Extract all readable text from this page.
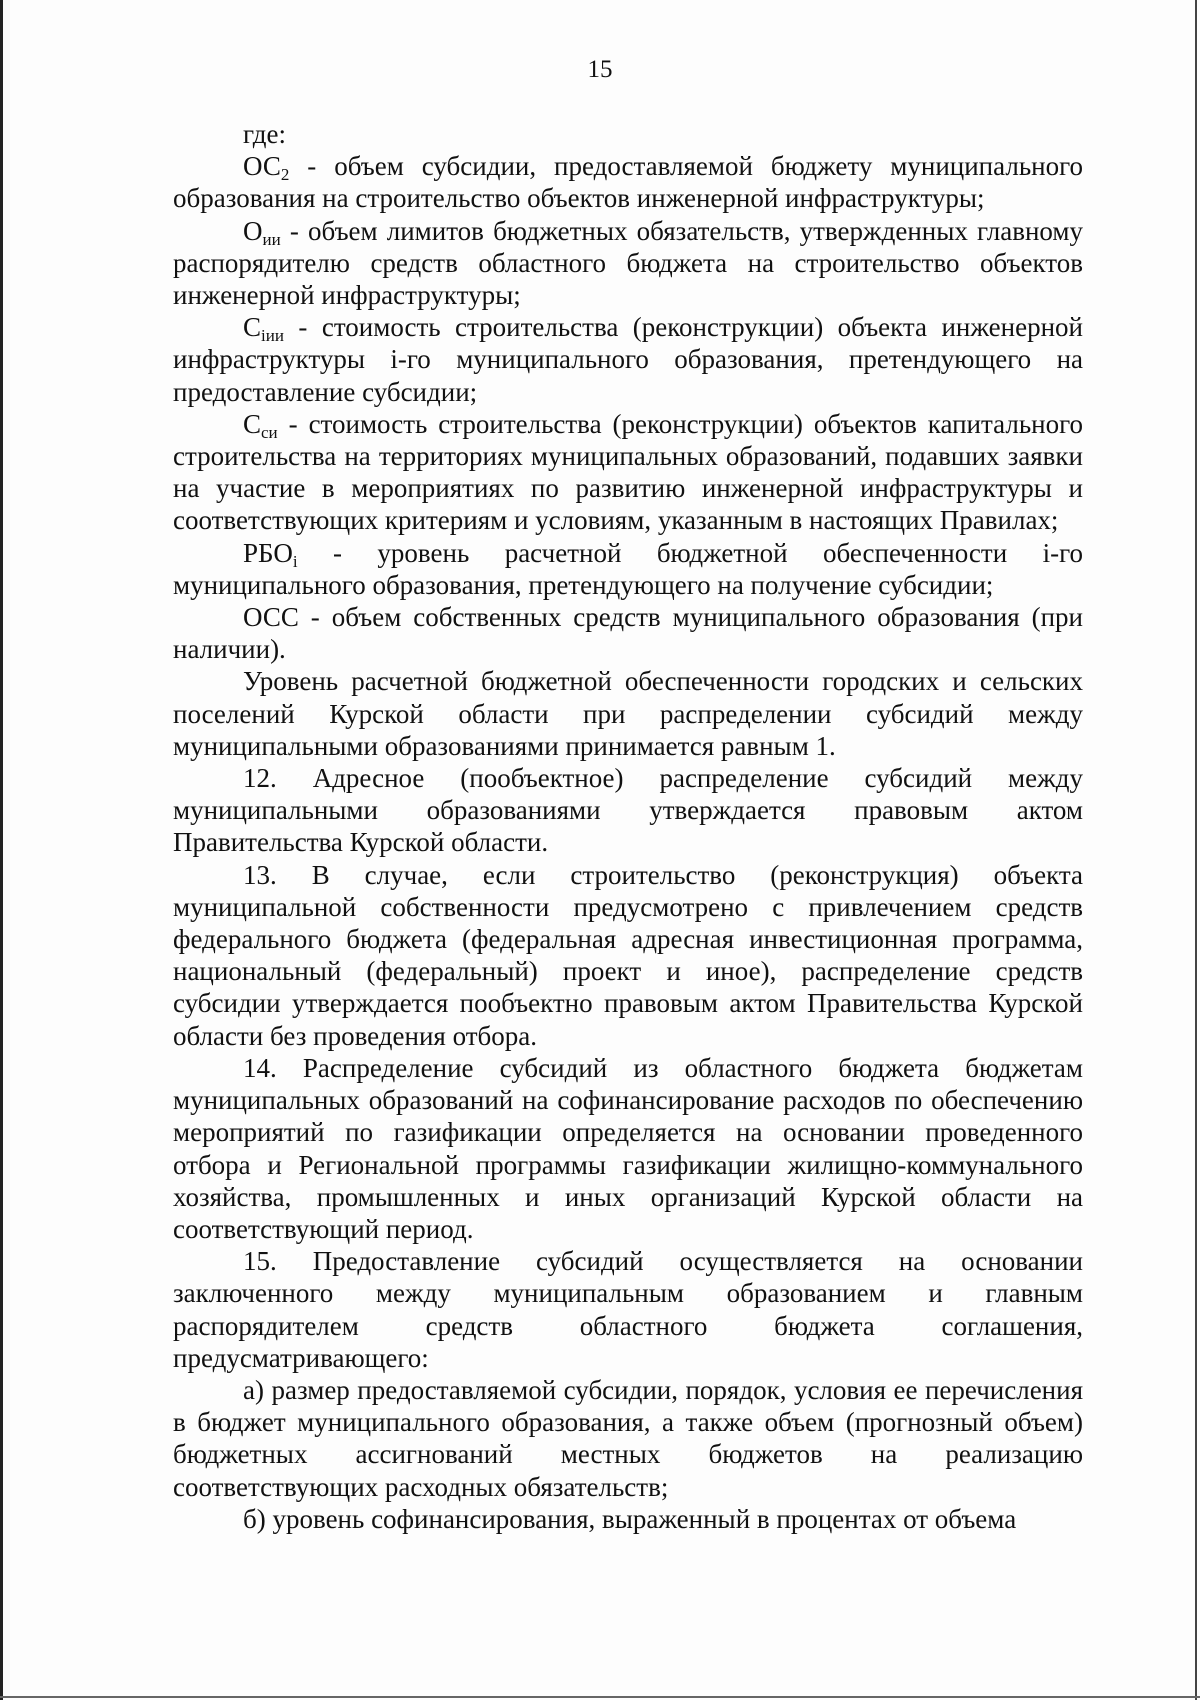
15

где:

$ОС_2$ - объем субсидии, предоставляемой бюджету муниципального образования на строительство объектов инженерной инфраструктуры;

$О_{ии}$ - объем лимитов бюджетных обязательств, утвержденных главному распорядителю средств областного бюджета на строительство объектов инженерной инфраструктуры;

$С_{iии}$ - стоимость строительства (реконструкции) объекта инженерной инфраструктуры i-го муниципального образования, претендующего на предоставление субсидии;

$С_{си}$ - стоимость строительства (реконструкции) объектов капитального строительства на территориях муниципальных образований, подавших заявки на участие в мероприятиях по развитию инженерной инфраструктуры и соответствующих критериям и условиям, указанным в настоящих Правилах;

$РБО_i$ - уровень расчетной бюджетной обеспеченности i-го муниципального образования, претендующего на получение субсидии;

ОСС - объем собственных средств муниципального образования (при наличии).

Уровень расчетной бюджетной обеспеченности городских и сельских поселений Курской области при распределении субсидий между муниципальными образованиями принимается равным 1.

12. Адресное (пообъектное) распределение субсидий между муниципальными образованиями утверждается правовым актом Правительства Курской области.

13. В случае, если строительство (реконструкция) объекта муниципальной собственности предусмотрено с привлечением средств федерального бюджета (федеральная адресная инвестиционная программа, национальный (федеральный) проект и иное), распределение средств субсидии утверждается пообъектно правовым актом Правительства Курской области без проведения отбора.

14. Распределение субсидий из областного бюджета бюджетам муниципальных образований на софинансирование расходов по обеспечению мероприятий по газификации определяется на основании проведенного отбора и Региональной программы газификации жилищно-коммунального хозяйства, промышленных и иных организаций Курской области на соответствующий период.

15. Предоставление субсидий осуществляется на основании заключенного между муниципальным образованием и главным распорядителем средств областного бюджета соглашения, предусматривающего:

а) размер предоставляемой субсидии, порядок, условия ее перечисления в бюджет муниципального образования, а также объем (прогнозный объем) бюджетных ассигнований местных бюджетов на реализацию соответствующих расходных обязательств;

б) уровень софинансирования, выраженный в процентах от объема
